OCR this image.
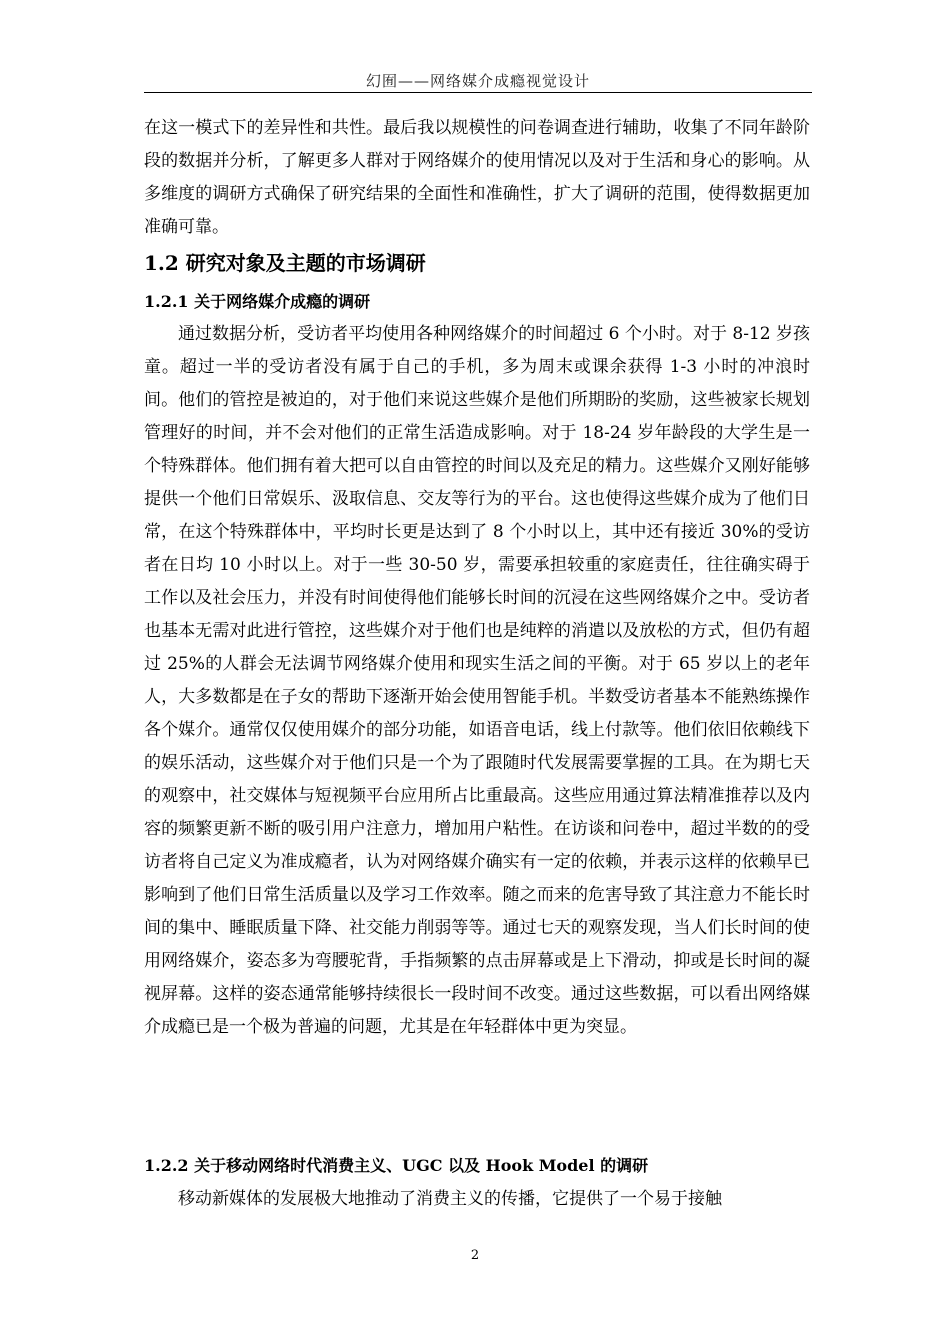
幻囿——网络媒介成瘾视觉设计

在这一模式下的差异性和共性。最后我以规模性的问卷调查进行辅助，收集了不同年龄阶段的数据并分析，了解更多人群对于网络媒介的使用情况以及对于生活和身心的影响。从多维度的调研方式确保了研究结果的全面性和准确性，扩大了调研的范围，使得数据更加准确可靠。

1.2 研究对象及主题的市场调研
1.2.1 关于网络媒介成瘾的调研

通过数据分析，受访者平均使用各种网络媒介的时间超过 6 个小时。对于 8-12 岁孩童。超过一半的受访者没有属于自己的手机，多为周末或课余获得 1-3 小时的冲浪时间。他们的管控是被迫的，对于他们来说这些媒介是他们所期盼的奖励，这些被家长规划管理好的时间，并不会对他们的正常生活造成影响。对于 18-24 岁年龄段的大学生是一个特殊群体。他们拥有着大把可以自由管控的时间以及充足的精力。这些媒介又刚好能够提供一个他们日常娱乐、汲取信息、交友等行为的平台。这也使得这些媒介成为了他们日常，在这个特殊群体中，平均时长更是达到了 8 个小时以上，其中还有接近 30%的受访者在日均 10 小时以上。对于一些 30-50 岁，需要承担较重的家庭责任，往往确实碍于工作以及社会压力，并没有时间使得他们能够长时间的沉浸在这些网络媒介之中。受访者也基本无需对此进行管控，这些媒介对于他们也是纯粹的消遣以及放松的方式，但仍有超过 25%的人群会无法调节网络媒介使用和现实生活之间的平衡。对于 65 岁以上的老年人，大多数都是在子女的帮助下逐渐开始会使用智能手机。半数受访者基本不能熟练操作各个媒介。通常仅仅使用媒介的部分功能，如语音电话，线上付款等。他们依旧依赖线下的娱乐活动，这些媒介对于他们只是一个为了跟随时代发展需要掌握的工具。在为期七天的观察中，社交媒体与短视频平台应用所占比重最高。这些应用通过算法精准推荐以及内容的频繁更新不断的吸引用户注意力，增加用户粘性。在访谈和问卷中，超过半数的的受访者将自己定义为准成瘾者，认为对网络媒介确实有一定的依赖，并表示这样的依赖早已影响到了他们日常生活质量以及学习工作效率。随之而来的危害导致了其注意力不能长时间的集中、睡眠质量下降、社交能力削弱等等。通过七天的观察发现，当人们长时间的使用网络媒介，姿态多为弯腰驼背，手指频繁的点击屏幕或是上下滑动，抑或是长时间的凝视屏幕。这样的姿态通常能够持续很长一段时间不改变。通过这些数据，可以看出网络媒介成瘾已是一个极为普遍的问题，尤其是在年轻群体中更为突显。

1.2.2 关于移动网络时代消费主义、UGC 以及 Hook Model 的调研

移动新媒体的发展极大地推动了消费主义的传播，它提供了一个易于接触

2
